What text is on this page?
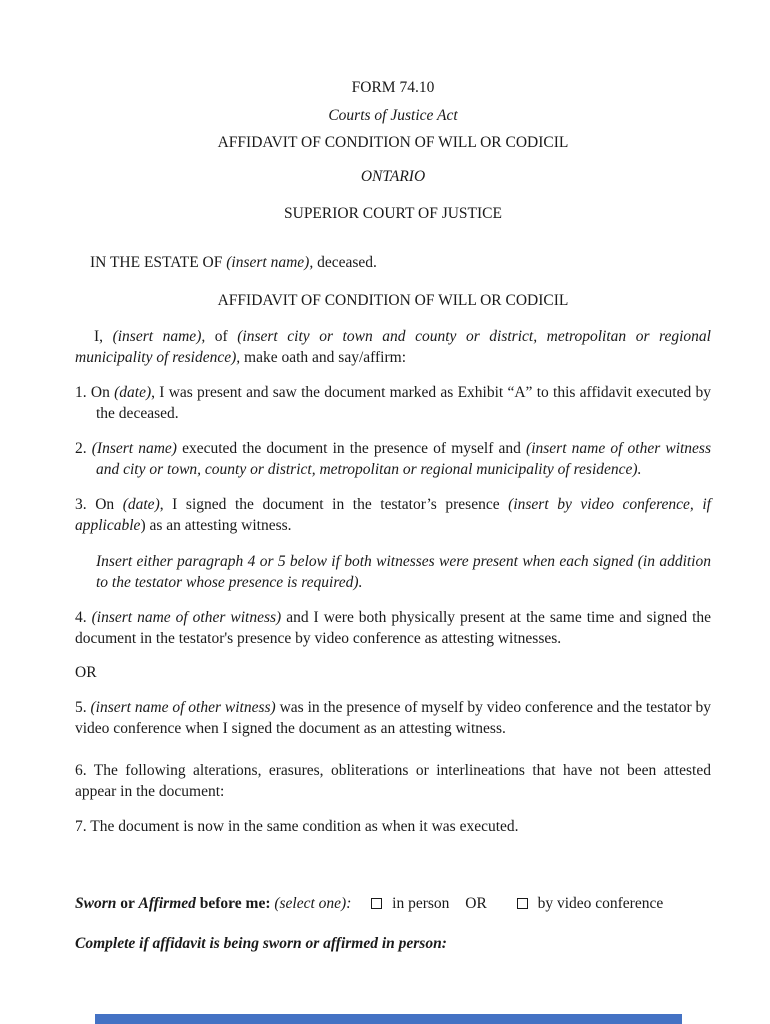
FORM 74.10
Courts of Justice Act
AFFIDAVIT OF CONDITION OF WILL OR CODICIL
ONTARIO
SUPERIOR COURT OF JUSTICE
IN THE ESTATE OF (insert name), deceased.
AFFIDAVIT OF CONDITION OF WILL OR CODICIL
I, (insert name), of (insert city or town and county or district, metropolitan or regional municipality of residence), make oath and say/affirm:
1. On (date), I was present and saw the document marked as Exhibit “A” to this affidavit executed by the deceased.
2. (Insert name) executed the document in the presence of myself and (insert name of other witness and city or town, county or district, metropolitan or regional municipality of residence).
3. On (date), I signed the document in the testator’s presence (insert by video conference, if applicable) as an attesting witness.
Insert either paragraph 4 or 5 below if both witnesses were present when each signed (in addition to the testator whose presence is required).
4. (insert name of other witness) and I were both physically present at the same time and signed the document in the testator's presence by video conference as attesting witnesses.
OR
5. (insert name of other witness) was in the presence of myself by video conference and the testator by video conference when I signed the document as an attesting witness.
6. The following alterations, erasures, obliterations or interlineations that have not been attested appear in the document:
7. The document is now in the same condition as when it was executed.
Sworn or Affirmed before me: (select one):	in person OR	by video conference
Complete if affidavit is being sworn or affirmed in person:
